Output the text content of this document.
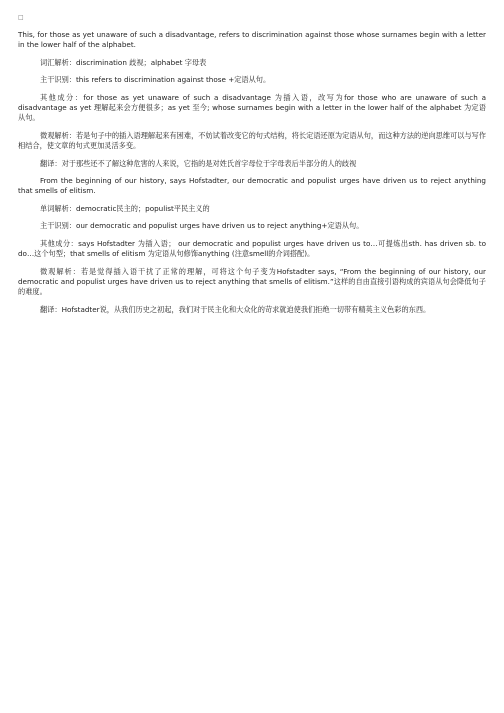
□

This, for those as yet unaware of such a disadvantage, refers to discrimination against those whose surnames begin with a letter in the lower half of the alphabet.

词汇解析：discrimination 歧视；alphabet 字母表

主干识别：this refers to discrimination against those +定语从句。

其他成分：for those as yet unaware of such a disadvantage 为插入语，改写为for those who are unaware of such a disadvantage as yet 理解起来会方便很多；as yet 至今; whose surnames begin with a letter in the lower half of the alphabet 为定语从句。

微观解析：若是句子中的插入语理解起来有困难，不妨试着改变它的句式结构，将长定语还原为定语从句，而这种方法的逆向思维可以与写作相结合，使文章的句式更加灵活多变。

翻译：对于那些还不了解这种危害的人来说，它指的是对姓氏首字母位于字母表后半部分的人的歧视

From the beginning of our history, says Hofstadter, our democratic and populist urges have driven us to reject anything that smells of elitism.

单词解析：democratic民主的；populist平民主义的

主干识别：our democratic and populist urges have driven us to reject anything+定语从句。

其他成分：says Hofstadter 为插入语； our democratic and populist urges have driven us to…可提炼出sth. has driven sb. to do…这个句型；that smells of elitism 为定语从句修饰anything (注意smell的介词搭配)。

微观解析：若是觉得插入语干扰了正常的理解，可将这个句子变为Hofstadter says, “From the beginning of our history, our democratic and populist urges have driven us to reject anything that smells of elitism.”这样的自由直接引语构成的宾语从句会降低句子的难度。

翻译：Hofstadter说，从我们历史之初起，我们对于民主化和大众化的苛求就迫使我们拒绝一切带有精英主义色彩的东西。
